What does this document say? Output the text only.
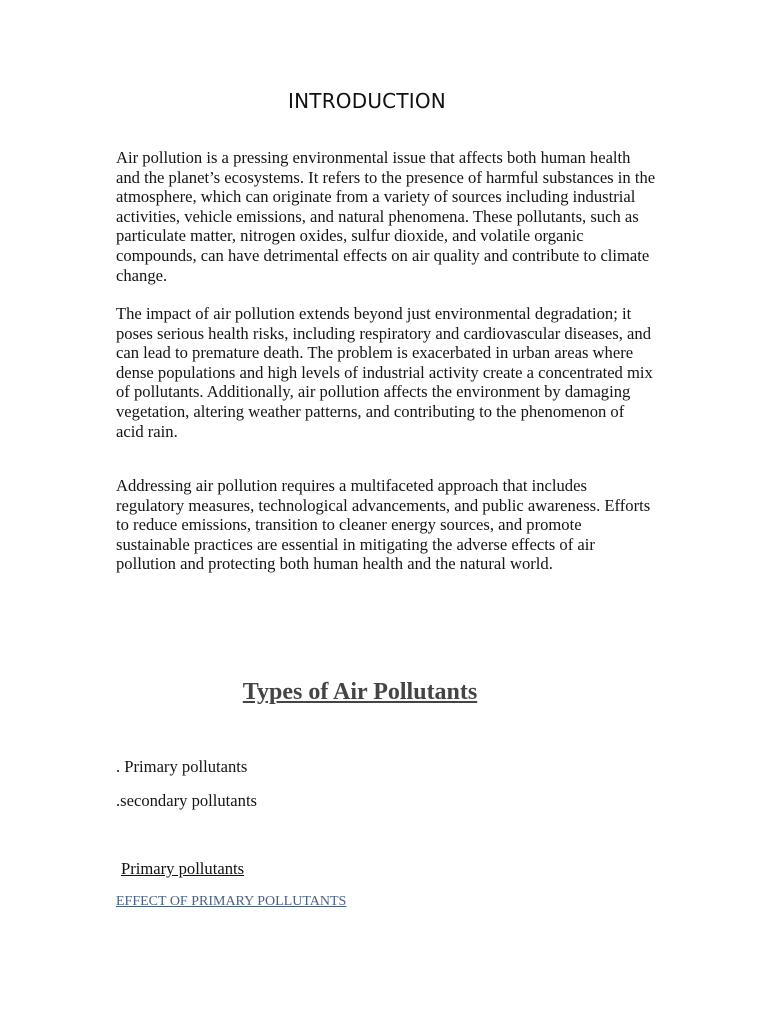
INTRODUCTION

Air pollution is a pressing environmental issue that affects both human health and the planet’s ecosystems. It refers to the presence of harmful substances in the atmosphere, which can originate from a variety of sources including industrial activities, vehicle emissions, and natural phenomena. These pollutants, such as particulate matter, nitrogen oxides, sulfur dioxide, and volatile organic compounds, can have detrimental effects on air quality and contribute to climate change.

The impact of air pollution extends beyond just environmental degradation; it poses serious health risks, including respiratory and cardiovascular diseases, and can lead to premature death. The problem is exacerbated in urban areas where dense populations and high levels of industrial activity create a concentrated mix of pollutants. Additionally, air pollution affects the environment by damaging vegetation, altering weather patterns, and contributing to the phenomenon of acid rain.

Addressing air pollution requires a multifaceted approach that includes regulatory measures, technological advancements, and public awareness. Efforts to reduce emissions, transition to cleaner energy sources, and promote sustainable practices are essential in mitigating the adverse effects of air pollution and protecting both human health and the natural world.

Types of Air Pollutants

. Primary pollutants

.secondary pollutants

Primary pollutants

EFFECT OF PRIMARY POLLUTANTS
